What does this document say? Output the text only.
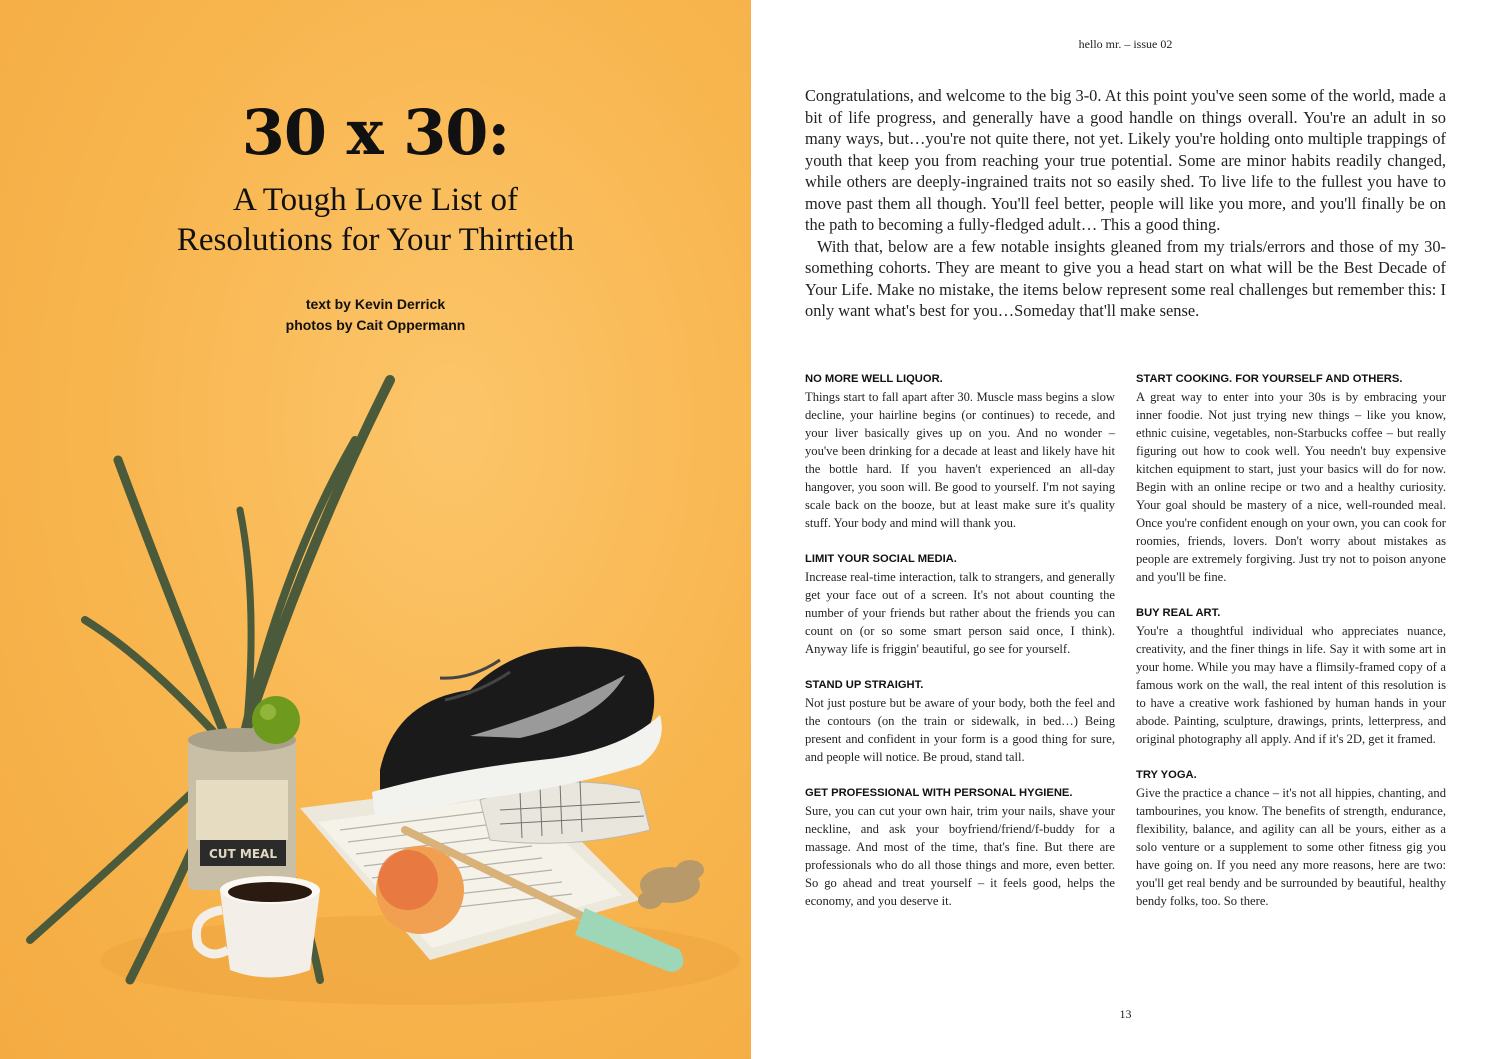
30 x 30:
A Tough Love List of
Resolutions for Your Thirtieth
text by Kevin Derrick
photos by Cait Oppermann
CUT MEAL
hello mr. – issue 02

Congratulations, and welcome to the big 3-0. At this point you've seen some of the world, made a bit of life progress, and generally have a good handle on things overall. You're an adult in so many ways, but…you're not quite there, not yet. Likely you're holding onto multiple trappings of youth that keep you from reaching your true potential. Some are minor habits readily changed, while others are deeply-ingrained traits not so easily shed. To live life to the fullest you have to move past them all though. You'll feel better, people will like you more, and you'll finally be on the path to becoming a fully-fledged adult… This a good thing.

With that, below are a few notable insights gleaned from my trials/errors and those of my 30-something cohorts. They are meant to give you a head start on what will be the Best Decade of Your Life. Make no mistake, the items below represent some real challenges but remember this: I only want what's best for you…Someday that'll make sense.

NO MORE WELL LIQUOR.

Things start to fall apart after 30. Muscle mass begins a slow decline, your hairline begins (or continues) to recede, and your liver basically gives up on you. And no wonder – you've been drinking for a decade at least and likely have hit the bottle hard. If you haven't experienced an all-day hangover, you soon will. Be good to yourself. I'm not saying scale back on the booze, but at least make sure it's quality stuff. Your body and mind will thank you.

LIMIT YOUR SOCIAL MEDIA.

Increase real-time interaction, talk to strangers, and generally get your face out of a screen. It's not about counting the number of your friends but rather about the friends you can count on (or so some smart person said once, I think). Anyway life is friggin' beautiful, go see for yourself.

STAND UP STRAIGHT.

Not just posture but be aware of your body, both the feel and the contours (on the train or sidewalk, in bed…) Being present and confident in your form is a good thing for sure, and people will notice. Be proud, stand tall.

GET PROFESSIONAL WITH PERSONAL HYGIENE.

Sure, you can cut your own hair, trim your nails, shave your neckline, and ask your boyfriend/friend/f-buddy for a massage. And most of the time, that's fine. But there are professionals who do all those things and more, even better. So go ahead and treat yourself – it feels good, helps the economy, and you deserve it.

START COOKING. FOR YOURSELF AND OTHERS.

A great way to enter into your 30s is by embracing your inner foodie. Not just trying new things – like you know, ethnic cuisine, vegetables, non-Starbucks coffee – but really figuring out how to cook well. You needn't buy expensive kitchen equipment to start, just your basics will do for now. Begin with an online recipe or two and a healthy curiosity. Your goal should be mastery of a nice, well-rounded meal. Once you're confident enough on your own, you can cook for roomies, friends, lovers. Don't worry about mistakes as people are extremely forgiving. Just try not to poison anyone and you'll be fine.

BUY REAL ART.

You're a thoughtful individual who appreciates nuance, creativity, and the finer things in life. Say it with some art in your home. While you may have a flimsily-framed copy of a famous work on the wall, the real intent of this resolution is to have a creative work fashioned by human hands in your abode. Painting, sculpture, drawings, prints, letterpress, and original photography all apply. And if it's 2D, get it framed.

TRY YOGA.

Give the practice a chance – it's not all hippies, chanting, and tambourines, you know. The benefits of strength, endurance, flexibility, balance, and agility can all be yours, either as a solo venture or a supplement to some other fitness gig you have going on. If you need any more reasons, here are two: you'll get real bendy and be surrounded by beautiful, healthy bendy folks, too. So there.

13
